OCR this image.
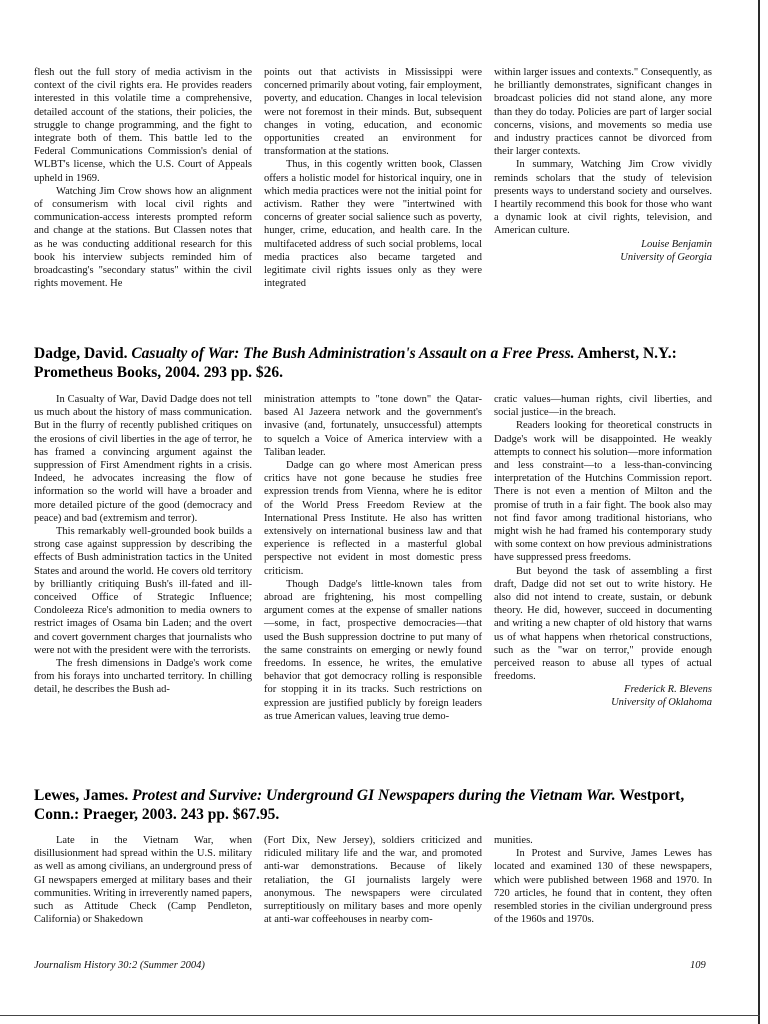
flesh out the full story of media activism in the context of the civil rights era. He provides readers interested in this volatile time a comprehensive, detailed account of the stations, their policies, the struggle to change programming, and the fight to integrate both of them. This battle led to the Federal Communications Commission's denial of WLBT's license, which the U.S. Court of Appeals upheld in 1969.

Watching Jim Crow shows how an alignment of consumerism with local civil rights and communication-access interests prompted reform and change at the stations. But Classen notes that as he was conducting additional research for this book his interview subjects reminded him of broadcasting's "secondary status" within the civil rights movement. He

points out that activists in Mississippi were concerned primarily about voting, fair employment, poverty, and education. Changes in local television were not foremost in their minds. But, subsequent changes in voting, education, and economic opportunities created an environment for transformation at the stations.

Thus, in this cogently written book, Classen offers a holistic model for historical inquiry, one in which media practices were not the initial point for activism. Rather they were "intertwined with concerns of greater social salience such as poverty, hunger, crime, education, and health care. In the multifaceted address of such social problems, local media practices also became targeted and legitimate civil rights issues only as they were integrated

within larger issues and contexts." Consequently, as he brilliantly demonstrates, significant changes in broadcast policies did not stand alone, any more than they do today. Policies are part of larger social concerns, visions, and movements so media use and industry practices cannot be divorced from their larger contexts.

In summary, Watching Jim Crow vividly reminds scholars that the study of television presents ways to understand society and ourselves. I heartily recommend this book for those who want a dynamic look at civil rights, television, and American culture.

Louise Benjamin

University of Georgia

Dadge, David. Casualty of War: The Bush Administration's Assault on a Free Press. Amherst, N.Y.: Prometheus Books, 2004. 293 pp. $26.

In Casualty of War, David Dadge does not tell us much about the history of mass communication. But in the flurry of recently published critiques on the erosions of civil liberties in the age of terror, he has framed a convincing argument against the suppression of First Amendment rights in a crisis. Indeed, he advocates increasing the flow of information so the world will have a broader and more detailed picture of the good (democracy and peace) and bad (extremism and terror).

This remarkably well-grounded book builds a strong case against suppression by describing the effects of Bush administration tactics in the United States and around the world. He covers old territory by brilliantly critiquing Bush's ill-fated and ill-conceived Office of Strategic Influence; Condoleeza Rice's admonition to media owners to restrict images of Osama bin Laden; and the overt and covert government charges that journalists who were not with the president were with the terrorists.

The fresh dimensions in Dadge's work come from his forays into uncharted territory. In chilling detail, he describes the Bush ad-

ministration attempts to "tone down" the Qatar-based Al Jazeera network and the government's invasive (and, fortunately, unsuccessful) attempts to squelch a Voice of America interview with a Taliban leader.

Dadge can go where most American press critics have not gone because he studies free expression trends from Vienna, where he is editor of the World Press Freedom Review at the International Press Institute. He also has written extensively on international business law and that experience is reflected in a masterful global perspective not evident in most domestic press criticism.

Though Dadge's little-known tales from abroad are frightening, his most compelling argument comes at the expense of smaller nations—some, in fact, prospective democracies—that used the Bush suppression doctrine to put many of the same constraints on emerging or newly found freedoms. In essence, he writes, the emulative behavior that got democracy rolling is responsible for stopping it in its tracks. Such restrictions on expression are justified publicly by foreign leaders as true American values, leaving true demo-

cratic values—human rights, civil liberties, and social justice—in the breach.

Readers looking for theoretical constructs in Dadge's work will be disappointed. He weakly attempts to connect his solution—more information and less constraint—to a less-than-convincing interpretation of the Hutchins Commission report. There is not even a mention of Milton and the promise of truth in a fair fight. The book also may not find favor among traditional historians, who might wish he had framed his contemporary study with some context on how previous administrations have suppressed press freedoms.

But beyond the task of assembling a first draft, Dadge did not set out to write history. He also did not intend to create, sustain, or debunk theory. He did, however, succeed in documenting and writing a new chapter of old history that warns us of what happens when rhetorical constructions, such as the "war on terror," provide enough perceived reason to abuse all types of actual freedoms.

Frederick R. Blevens

University of Oklahoma

Lewes, James. Protest and Survive: Underground GI Newspapers during the Vietnam War. Westport, Conn.: Praeger, 2003. 243 pp. $67.95.

Late in the Vietnam War, when disillusionment had spread within the U.S. military as well as among civilians, an underground press of GI newspapers emerged at military bases and their communities. Writing in irreverently named papers, such as Attitude Check (Camp Pendleton, California) or Shakedown

(Fort Dix, New Jersey), soldiers criticized and ridiculed military life and the war, and promoted anti-war demonstrations. Because of likely retaliation, the GI journalists largely were anonymous. The newspapers were circulated surreptitiously on military bases and more openly at anti-war coffeehouses in nearby com-

munities.

In Protest and Survive, James Lewes has located and examined 130 of these newspapers, which were published between 1968 and 1970. In 720 articles, he found that in content, they often resembled stories in the civilian underground press of the 1960s and 1970s.

Journalism History 30:2 (Summer 2004)	109
